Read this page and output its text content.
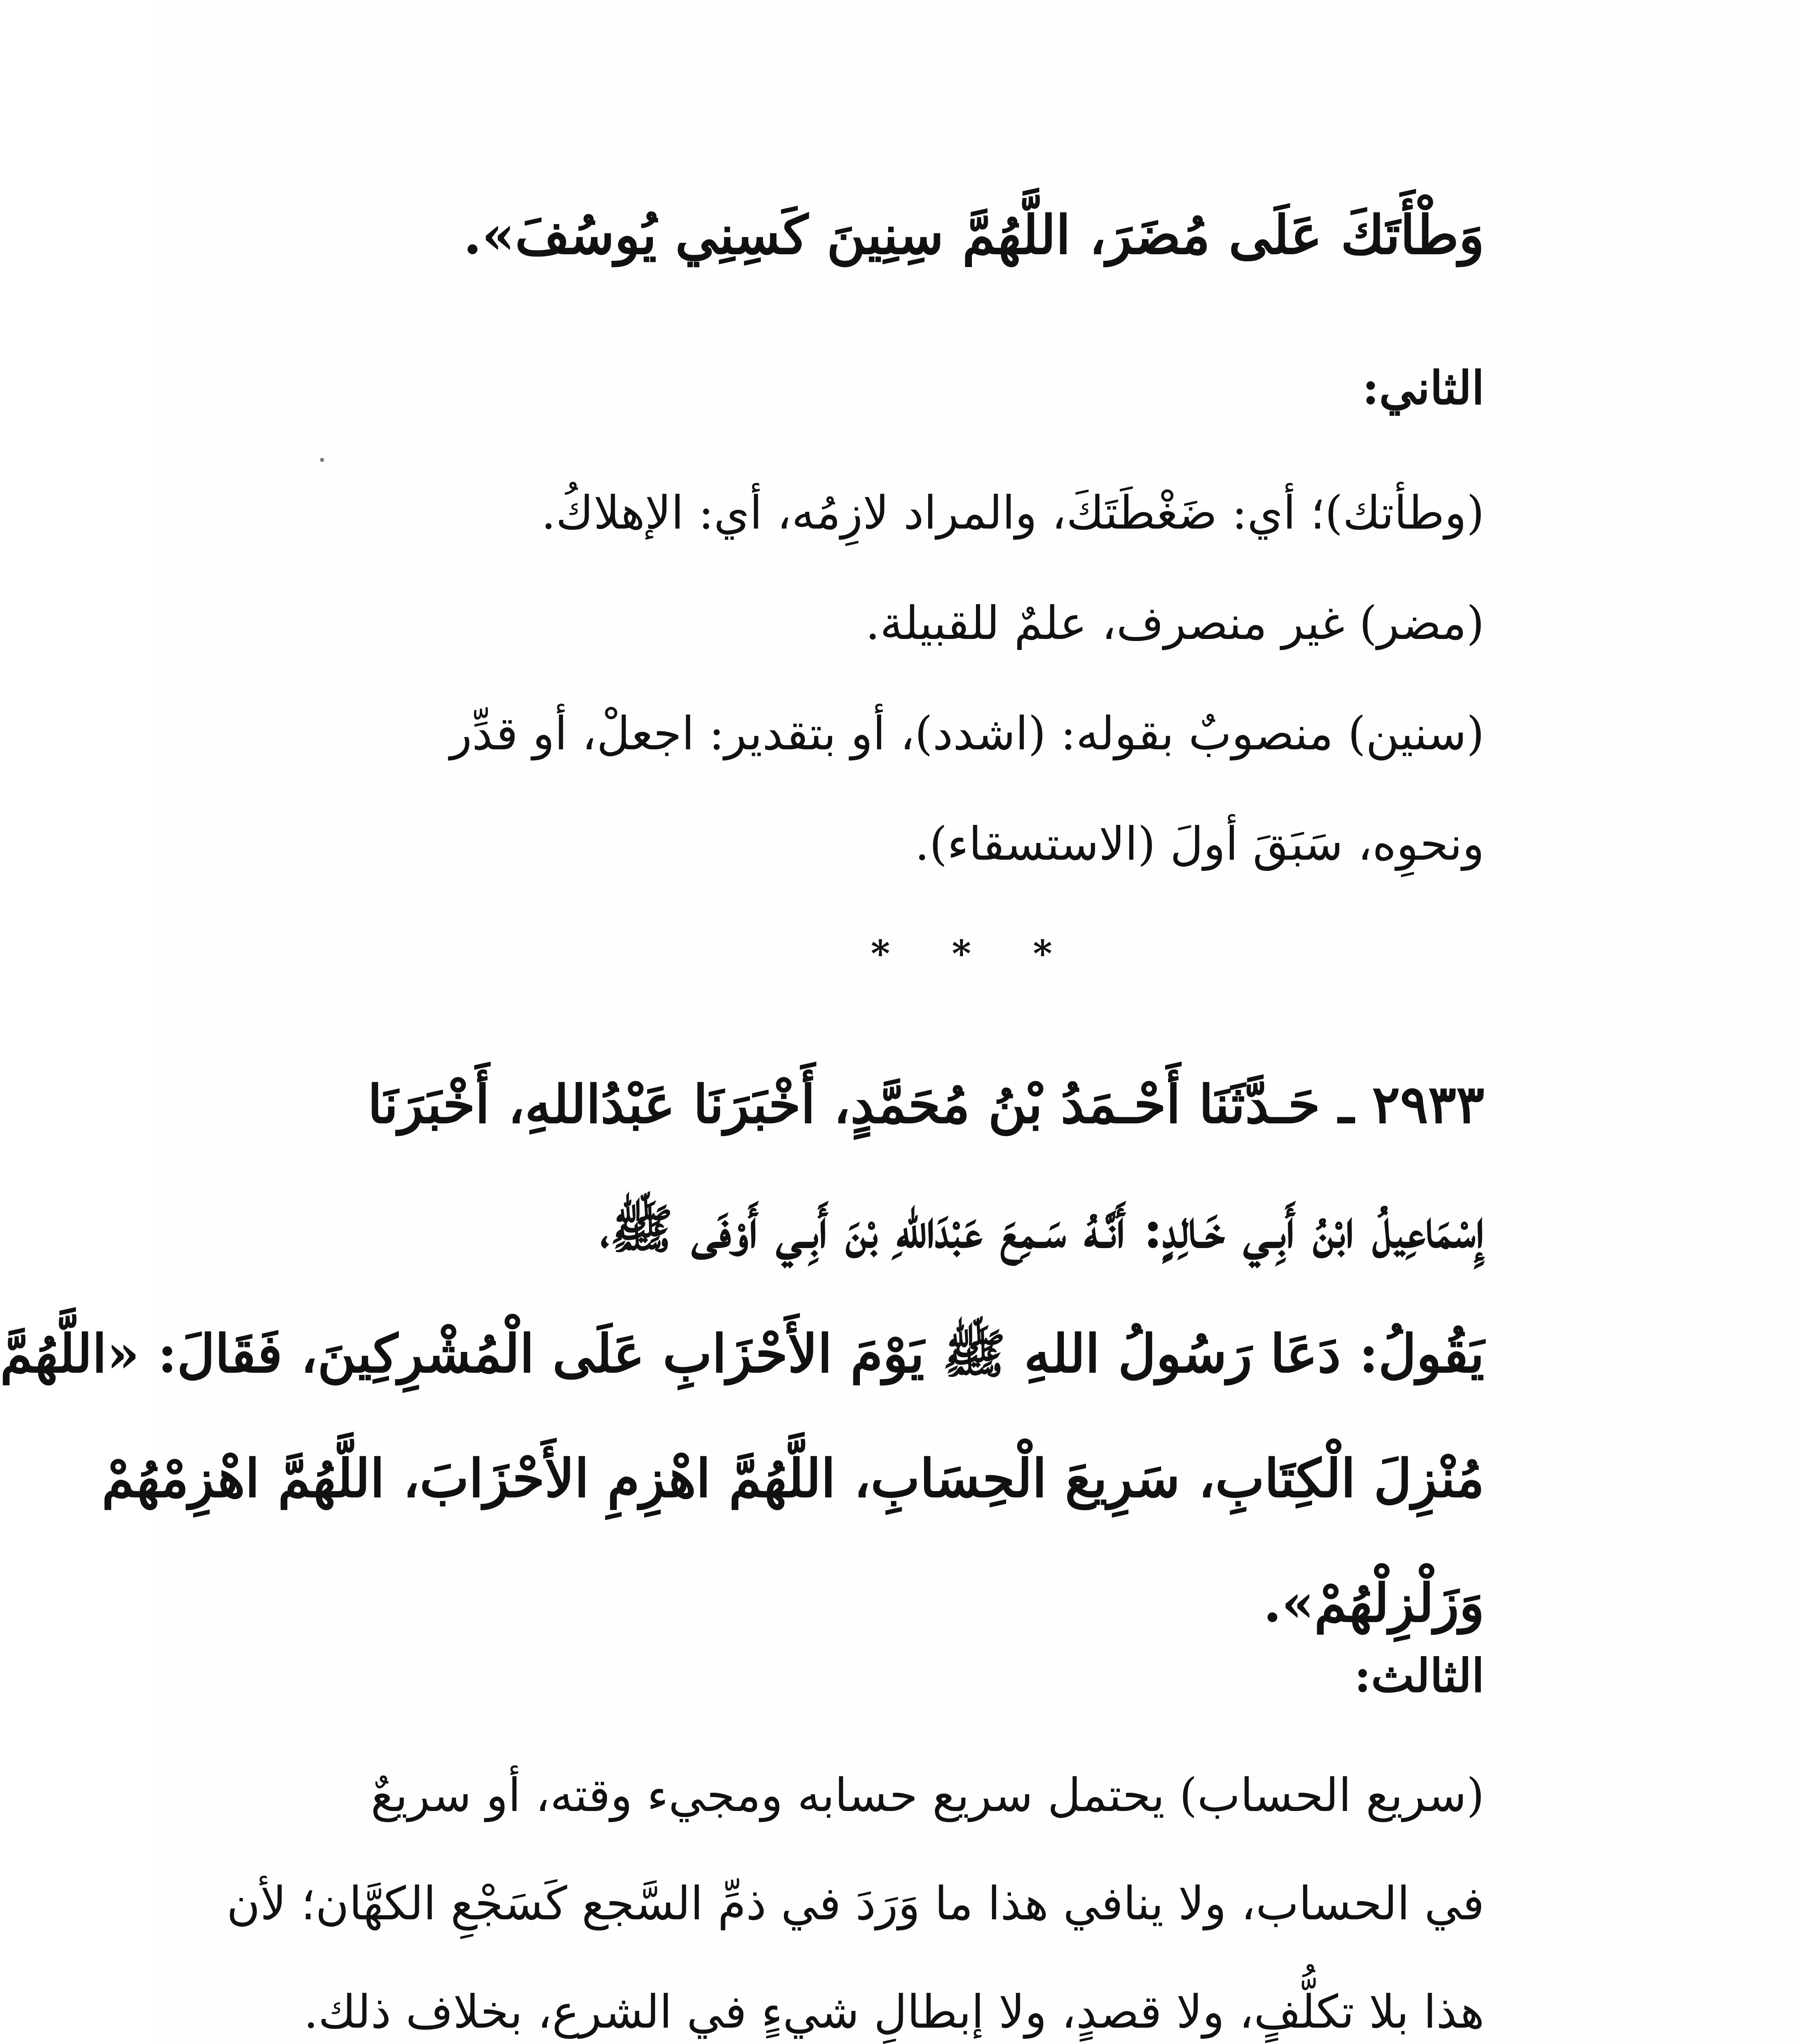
وَطْأَتَكَ عَلَى مُضَرَ، اللَّهُمَّ سِنِينَ كَسِنِي يُوسُفَ».
الثاني:
(وطأتك)؛ أي: ضَغْطَتَكَ، والمراد لازِمُه، أي: الإهلاكُ.
(مضر) غير منصرف، علمٌ للقبيلة.
(سنين) منصوبٌ بقوله: (اشدد)، أو بتقدير: اجعلْ، أو قدِّر
ونحوِه، سَبَقَ أولَ (الاستسقاء).
* * *
٢٩٣٣ ـ حَـدَّثَنَا أَحْـمَدُ بْنُ مُحَمَّدٍ، أَخْبَرَنَا عَبْدُاللهِ، أَخْبَرَنَا
إِسْمَاعِيلُ ابْنُ أَبِـي خَـالِدٍ: أَنَّـهُ سَـمِعَ عَبْدَاللهِ بْنَ أَبِـي أَوْفَى ﷺ،
يَقُولُ: دَعَا رَسُولُ اللهِ ﷺ يَوْمَ الأَحْزَابِ عَلَى الْمُشْرِكِينَ، فَقَالَ: «اللَّهُمَّ
مُنْزِلَ الْكِتَابِ، سَرِيعَ الْحِسَابِ، اللَّهُمَّ اهْزِمِ الأَحْزَابَ، اللَّهُمَّ اهْزِمْهُمْ
وَزَلْزِلْهُمْ».
الثالث:
(سريع الحساب) يحتمل سريع حسابه ومجيء وقته، أو سريعٌ
في الحساب، ولا ينافي هذا ما وَرَدَ في ذمِّ السَّجع كَسَجْعِ الكهَّان؛ لأن
هذا بلا تكلُّفٍ، ولا قصدٍ، ولا إبطالِ شيءٍ في الشرع، بخلاف ذلك.
